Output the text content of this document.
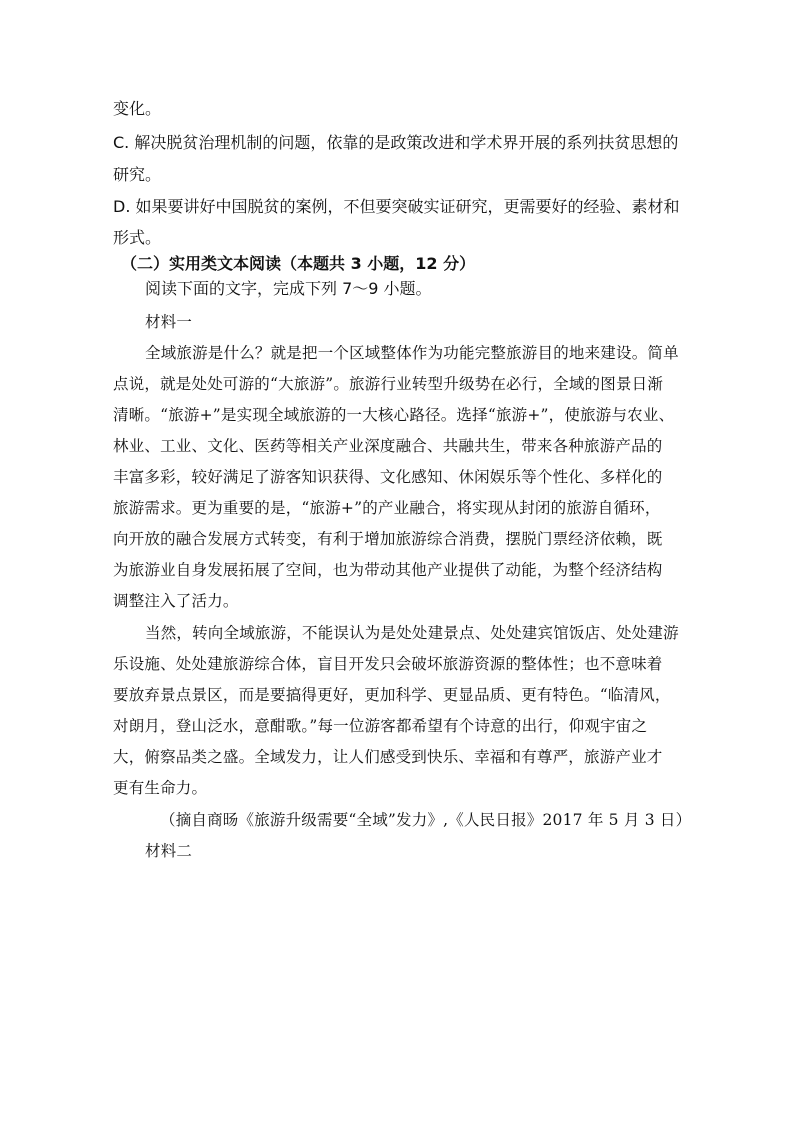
变化。
C. 解决脱贫治理机制的问题，依靠的是政策改进和学术界开展的系列扶贫思想的
研究。
D. 如果要讲好中国脱贫的案例，不但要突破实证研究，更需要好的经验、素材和
形式。
（二）实用类文本阅读（本题共 3 小题，12 分）
阅读下面的文字，完成下列 7～9 小题。
材料一
全域旅游是什么？就是把一个区域整体作为功能完整旅游目的地来建设。简单
点说，就是处处可游的“大旅游”。旅游行业转型升级势在必行，全域的图景日渐
清晰。“旅游+”是实现全域旅游的一大核心路径。选择“旅游+”，使旅游与农业、
林业、工业、文化、医药等相关产业深度融合、共融共生，带来各种旅游产品的
丰富多彩，较好满足了游客知识获得、文化感知、休闲娱乐等个性化、多样化的
旅游需求。更为重要的是，“旅游+”的产业融合，将实现从封闭的旅游自循环，
向开放的融合发展方式转变，有利于增加旅游综合消费，摆脱门票经济依赖，既
为旅游业自身发展拓展了空间，也为带动其他产业提供了动能，为整个经济结构
调整注入了活力。
当然，转向全域旅游，不能误认为是处处建景点、处处建宾馆饭店、处处建游
乐设施、处处建旅游综合体，盲目开发只会破坏旅游资源的整体性；也不意味着
要放弃景点景区，而是要搞得更好，更加科学、更显品质、更有特色。“临清风，
对朗月，登山泛水，意酣歌。”每一位游客都希望有个诗意的出行，仰观宇宙之
大，俯察品类之盛。全域发力，让人们感受到快乐、幸福和有尊严，旅游产业才
更有生命力。
（摘自商旸《旅游升级需要“全域”发力》,《人民日报》2017 年 5 月 3 日）
材料二
